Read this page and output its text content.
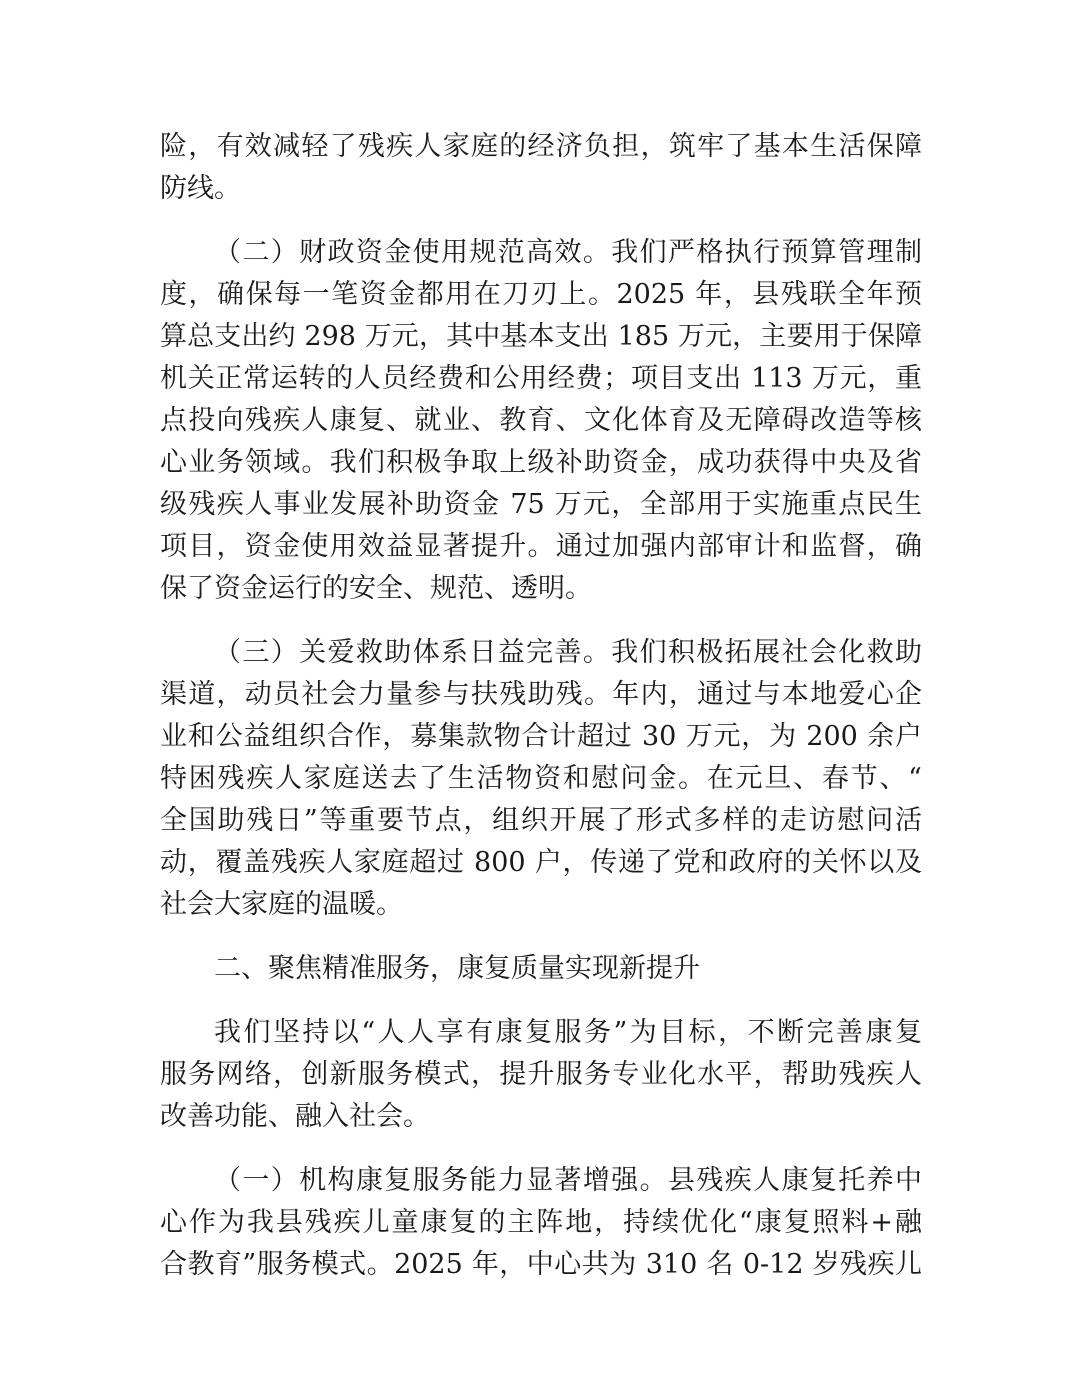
险，有效减轻了残疾人家庭的经济负担，筑牢了基本生活保障
防线。
（二）财政资金使用规范高效。我们严格执行预算管理制
度，确保每一笔资金都用在刀刃上。2025 年，县残联全年预
算总支出约 298 万元，其中基本支出 185 万元，主要用于保障
机关正常运转的人员经费和公用经费；项目支出 113 万元，重
点投向残疾人康复、就业、教育、文化体育及无障碍改造等核
心业务领域。我们积极争取上级补助资金，成功获得中央及省
级残疾人事业发展补助资金 75 万元，全部用于实施重点民生
项目，资金使用效益显著提升。通过加强内部审计和监督，确
保了资金运行的安全、规范、透明。
（三）关爱救助体系日益完善。我们积极拓展社会化救助
渠道，动员社会力量参与扶残助残。年内，通过与本地爱心企
业和公益组织合作，募集款物合计超过 30 万元，为 200 余户
特困残疾人家庭送去了生活物资和慰问金。在元旦、春节、“
全国助残日”等重要节点，组织开展了形式多样的走访慰问活
动，覆盖残疾人家庭超过 800 户，传递了党和政府的关怀以及
社会大家庭的温暖。
二、聚焦精准服务，康复质量实现新提升
我们坚持以“人人享有康复服务”为目标，不断完善康复
服务网络，创新服务模式，提升服务专业化水平，帮助残疾人
改善功能、融入社会。
（一）机构康复服务能力显著增强。县残疾人康复托养中
心作为我县残疾儿童康复的主阵地，持续优化“康复照料+融
合教育”服务模式。2025 年，中心共为 310 名 0-12 岁残疾儿
